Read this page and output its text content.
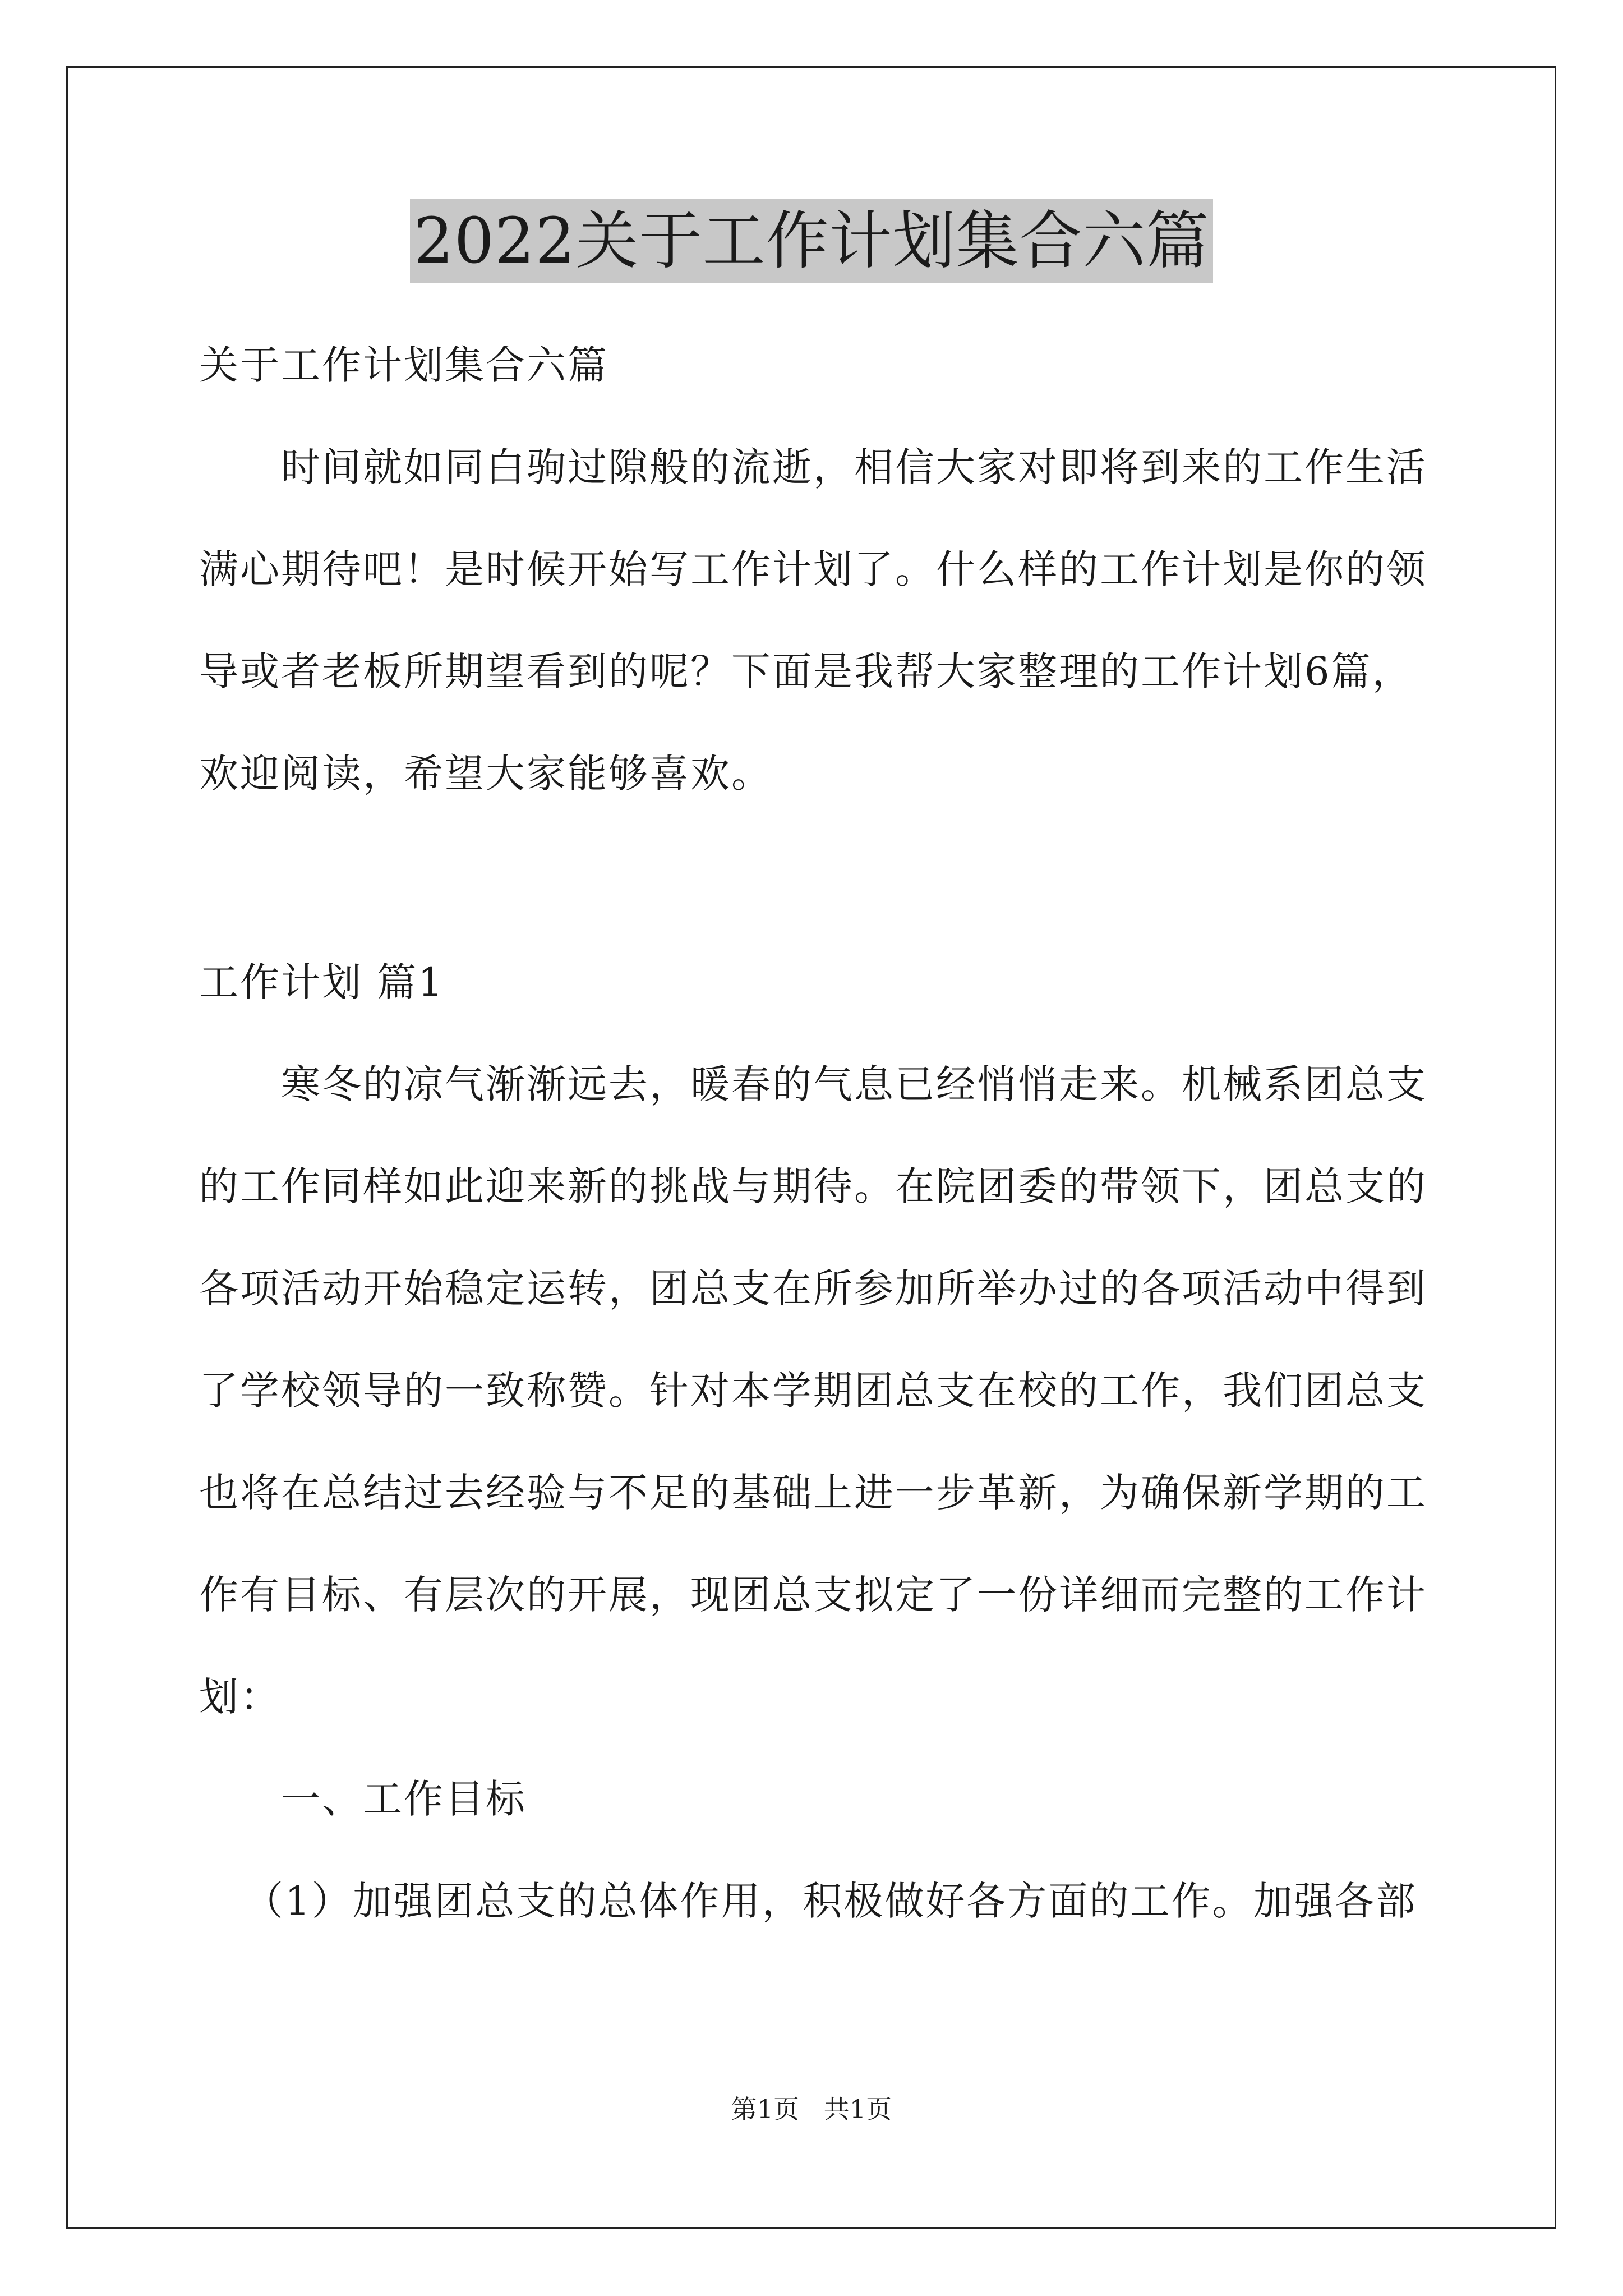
2022关于工作计划集合六篇
关于工作计划集合六篇
时间就如同白驹过隙般的流逝，相信大家对即将到来的工作生活
满心期待吧！是时候开始写工作计划了。什么样的工作计划是你的领
导或者老板所期望看到的呢？下面是我帮大家整理的工作计划6篇，
欢迎阅读，希望大家能够喜欢。
工作计划 篇1
寒冬的凉气渐渐远去，暖春的气息已经悄悄走来。机械系团总支
的工作同样如此迎来新的挑战与期待。在院团委的带领下，团总支的
各项活动开始稳定运转，团总支在所参加所举办过的各项活动中得到
了学校领导的一致称赞。针对本学期团总支在校的工作，我们团总支
也将在总结过去经验与不足的基础上进一步革新，为确保新学期的工
作有目标、有层次的开展，现团总支拟定了一份详细而完整的工作计
划：
一、工作目标
（1）加强团总支的总体作用，积极做好各方面的工作。加强各部
第1页   共1页
